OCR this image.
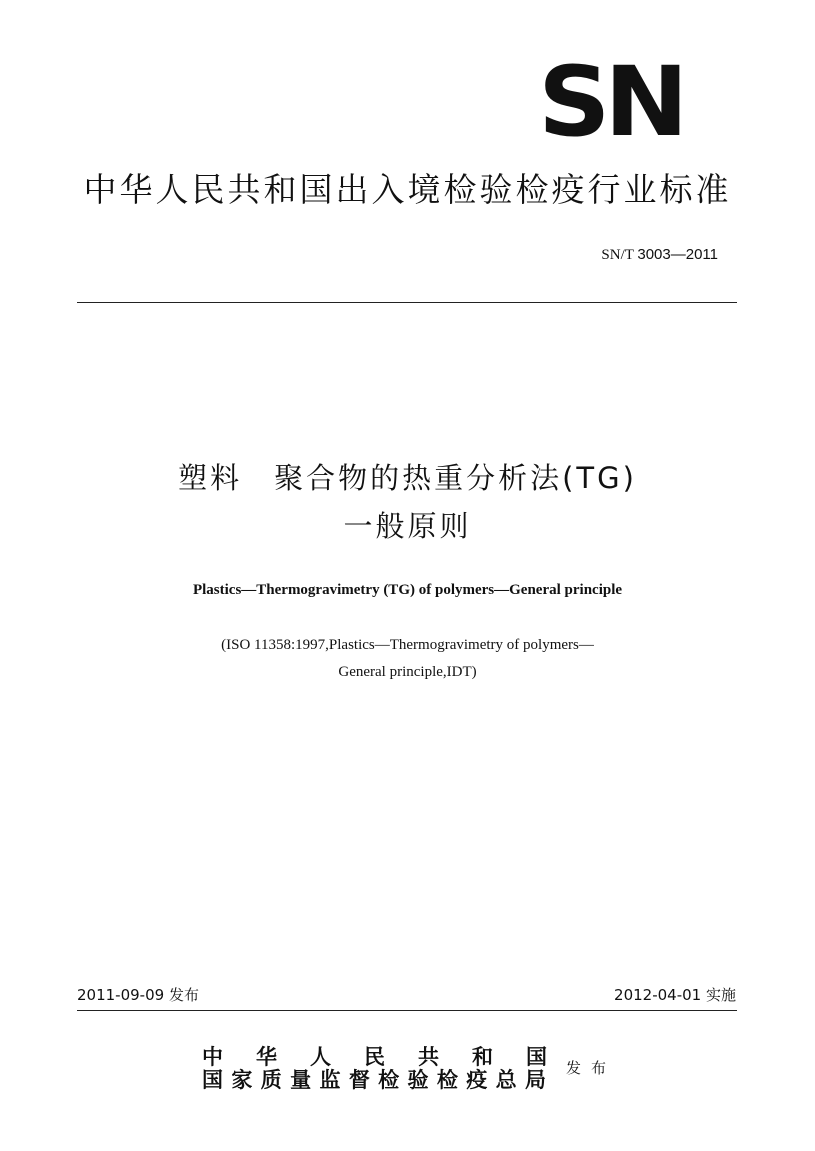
SN
中华人民共和国出入境检验检疫行业标准
SN/T 3003—2011
塑料　聚合物的热重分析法(TG)
一般原则
Plastics—Thermogravimetry (TG) of polymers—General principle
(ISO 11358:1997,Plastics—Thermogravimetry of polymers—
General principle,IDT)
2011-09-09 发布	2012-04-01 实施
中华人民共和国
国家质量监督检验检疫总局 发布
